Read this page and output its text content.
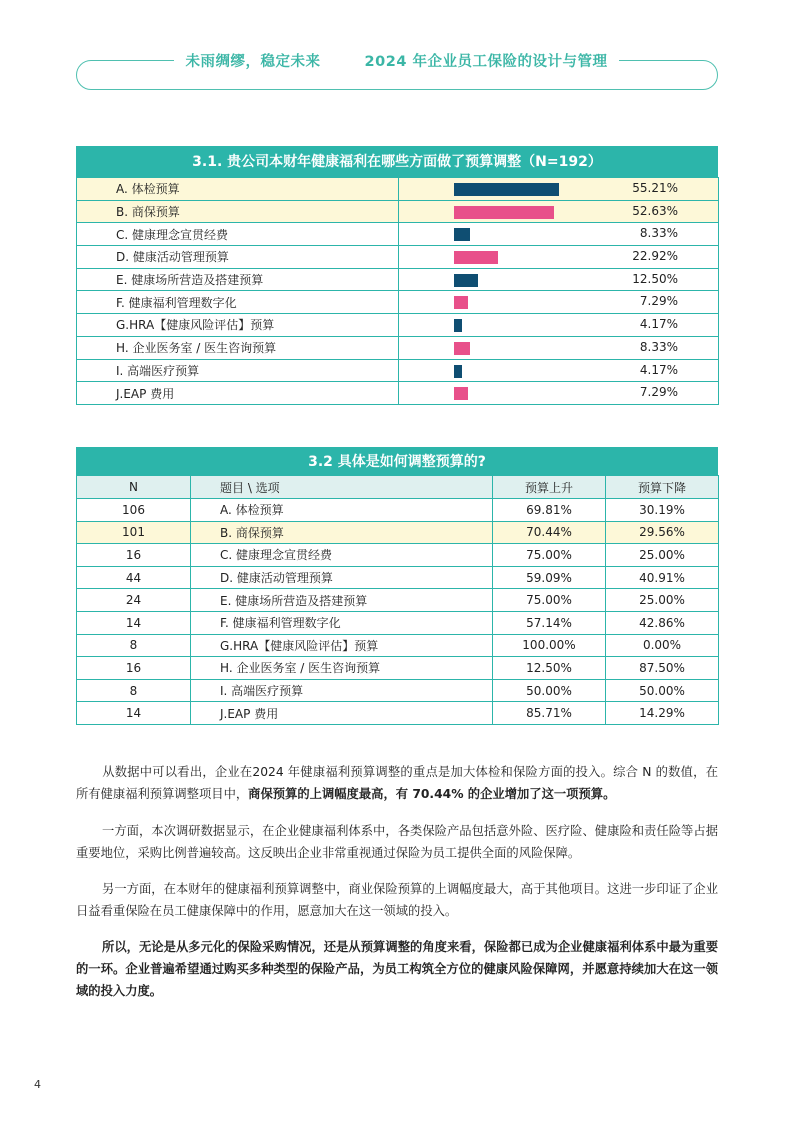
未雨绸缪，稳定未来	2024 年企业员工保险的设计与管理
3.1. 贵公司本财年健康福利在哪些方面做了预算调整（N=192）
A. 体检预算	55.21%

B. 商保预算	52.63%

C. 健康理念宣贯经费	8.33%

D. 健康活动管理预算	22.92%

E. 健康场所营造及搭建预算	12.50%

F. 健康福利管理数字化	7.29%

G.HRA【健康风险评估】预算	4.17%

H. 企业医务室 / 医生咨询预算	8.33%

I. 高端医疗预算	4.17%

J.EAP 费用	7.29%
3.2 具体是如何调整预算的?
N	题目 \ 选项	预算上升	预算下降
106	A. 体检预算	69.81%	30.19%
101	B. 商保预算	70.44%	29.56%
16	C. 健康理念宣贯经费	75.00%	25.00%
44	D. 健康活动管理预算	59.09%	40.91%
24	E. 健康场所营造及搭建预算	75.00%	25.00%
14	F. 健康福利管理数字化	57.14%	42.86%
8	G.HRA【健康风险评估】预算	100.00%	0.00%
16	H. 企业医务室 / 医生咨询预算	12.50%	87.50%
8	I. 高端医疗预算	50.00%	50.00%
14	J.EAP 费用	85.71%	14.29%
从数据中可以看出，企业在2024 年健康福利预算调整的重点是加大体检和保险方面的投入。综合 N 的数值，在所有健康福利预算调整项目中，商保预算的上调幅度最高，有 70.44% 的企业增加了这一项预算。
一方面，本次调研数据显示，在企业健康福利体系中，各类保险产品包括意外险、医疗险、健康险和责任险等占据重要地位，采购比例普遍较高。这反映出企业非常重视通过保险为员工提供全面的风险保障。
另一方面，在本财年的健康福利预算调整中，商业保险预算的上调幅度最大，高于其他项目。这进一步印证了企业日益看重保险在员工健康保障中的作用，愿意加大在这一领域的投入。
所以，无论是从多元化的保险采购情况，还是从预算调整的角度来看，保险都已成为企业健康福利体系中最为重要的一环。企业普遍希望通过购买多种类型的保险产品，为员工构筑全方位的健康风险保障网，并愿意持续加大在这一领域的投入力度。
4
